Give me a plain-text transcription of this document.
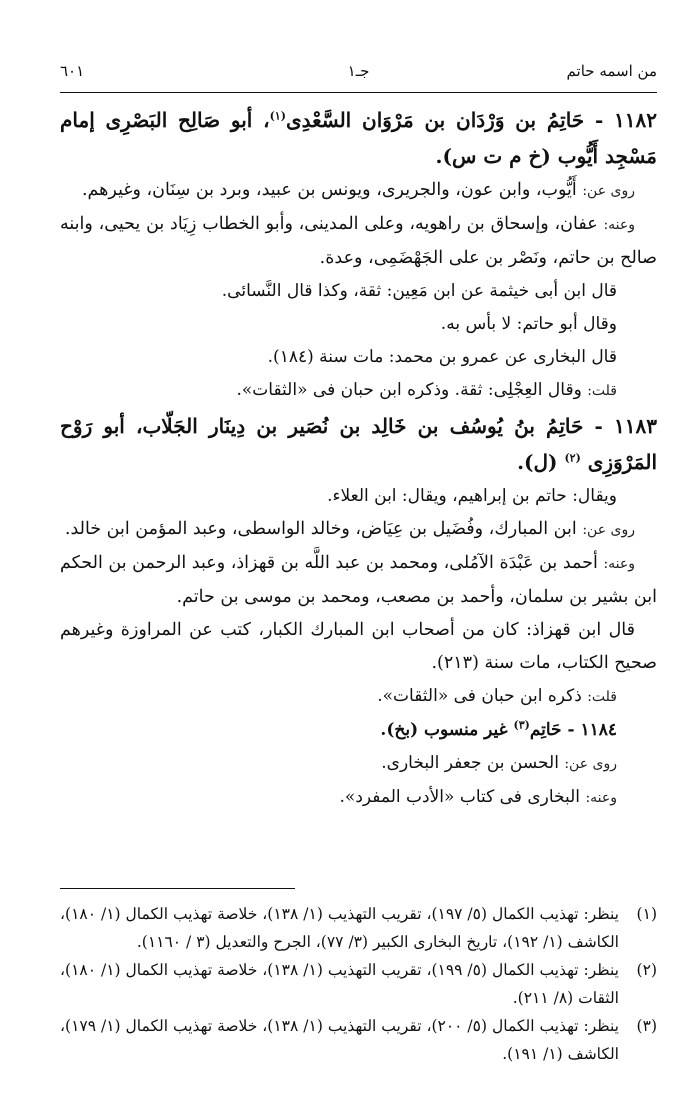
من اسمه حاتم
جـ١
٦٠١

١١٨٢ - حَاتِمُ بن وَرْدَان بن مَرْوَان السَّعْدِى$^{(١)}$، أبو صَالِح البَصْرِى إمام مَسْجِد أَيُّوب (خ م ت س).

روى عن: أَيُّوب، وابن عون، والجريرى، ويونس بن عبيد، وبرد بن سِنَان، وغيرهم.

وعنه: عفان، وإسحاق بن راهويه، وعلى المدينى، وأبو الخطاب زِيَاد بن يحيى، وابنه صالح بن حاتم، ونَصْر بن على الجَهْضَمِى، وعدة.

قال ابن أبى خيثمة عن ابن مَعِين: ثقة، وكذا قال النَّسائى.

وقال أبو حاتم: لا بأس به.

قال البخارى عن عمرو بن محمد: مات سنة (١٨٤).

قلت: وقال العِجْلِى: ثقة. وذكره ابن حبان فى «الثقات».

١١٨٣ - حَاتِمُ بنُ يُوسُف بن خَالِد بن نُصَير بن دِينَار الجَلّاب، أبو رَوْح المَرْوَزِى $^{(٢)}$ (ل).

ويقال: حاتم بن إبراهيم، ويقال: ابن العلاء.

روى عن: ابن المبارك، وفُضَيل بن عِيَاض، وخالد الواسطى، وعبد المؤمن ابن خالد.

وعنه: أحمد بن عَبْدَة الآمُلى، ومحمد بن عبد اللَّه بن قهزاذ، وعبد الرحمن بن الحكم ابن بشير بن سلمان، وأحمد بن مصعب، ومحمد بن موسى بن حاتم.

قال ابن قهزاذ: كان من أصحاب ابن المبارك الكبار، كتب عن المراوزة وغيرهم صحيح الكتاب، مات سنة (٢١٣).

قلت: ذكره ابن حبان فى «الثقات».

١١٨٤ - حَاتِم$^{(٣)}$ غير منسوب (بخ).

روى عن: الحسن بن جعفر البخارى.

وعنه: البخارى فى كتاب «الأدب المفرد».

(١)
ينظر: تهذيب الكمال (٥/ ١٩٧)، تقريب التهذيب (١/ ١٣٨)، خلاصة تهذيب الكمال (١/ ١٨٠)، الكاشف (١/ ١٩٢)، تاريخ البخارى الكبير (٣/ ٧٧)، الجرح والتعديل (٣ / ١١٦٠).
(٢)
ينظر: تهذيب الكمال (٥/ ١٩٩)، تقريب التهذيب (١/ ١٣٨)، خلاصة تهذيب الكمال (١/ ١٨٠)، الثقات (٨/ ٢١١).
(٣)
ينظر: تهذيب الكمال (٥/ ٢٠٠)، تقريب التهذيب (١/ ١٣٨)، خلاصة تهذيب الكمال (١/ ١٧٩)، الكاشف (١/ ١٩١).
